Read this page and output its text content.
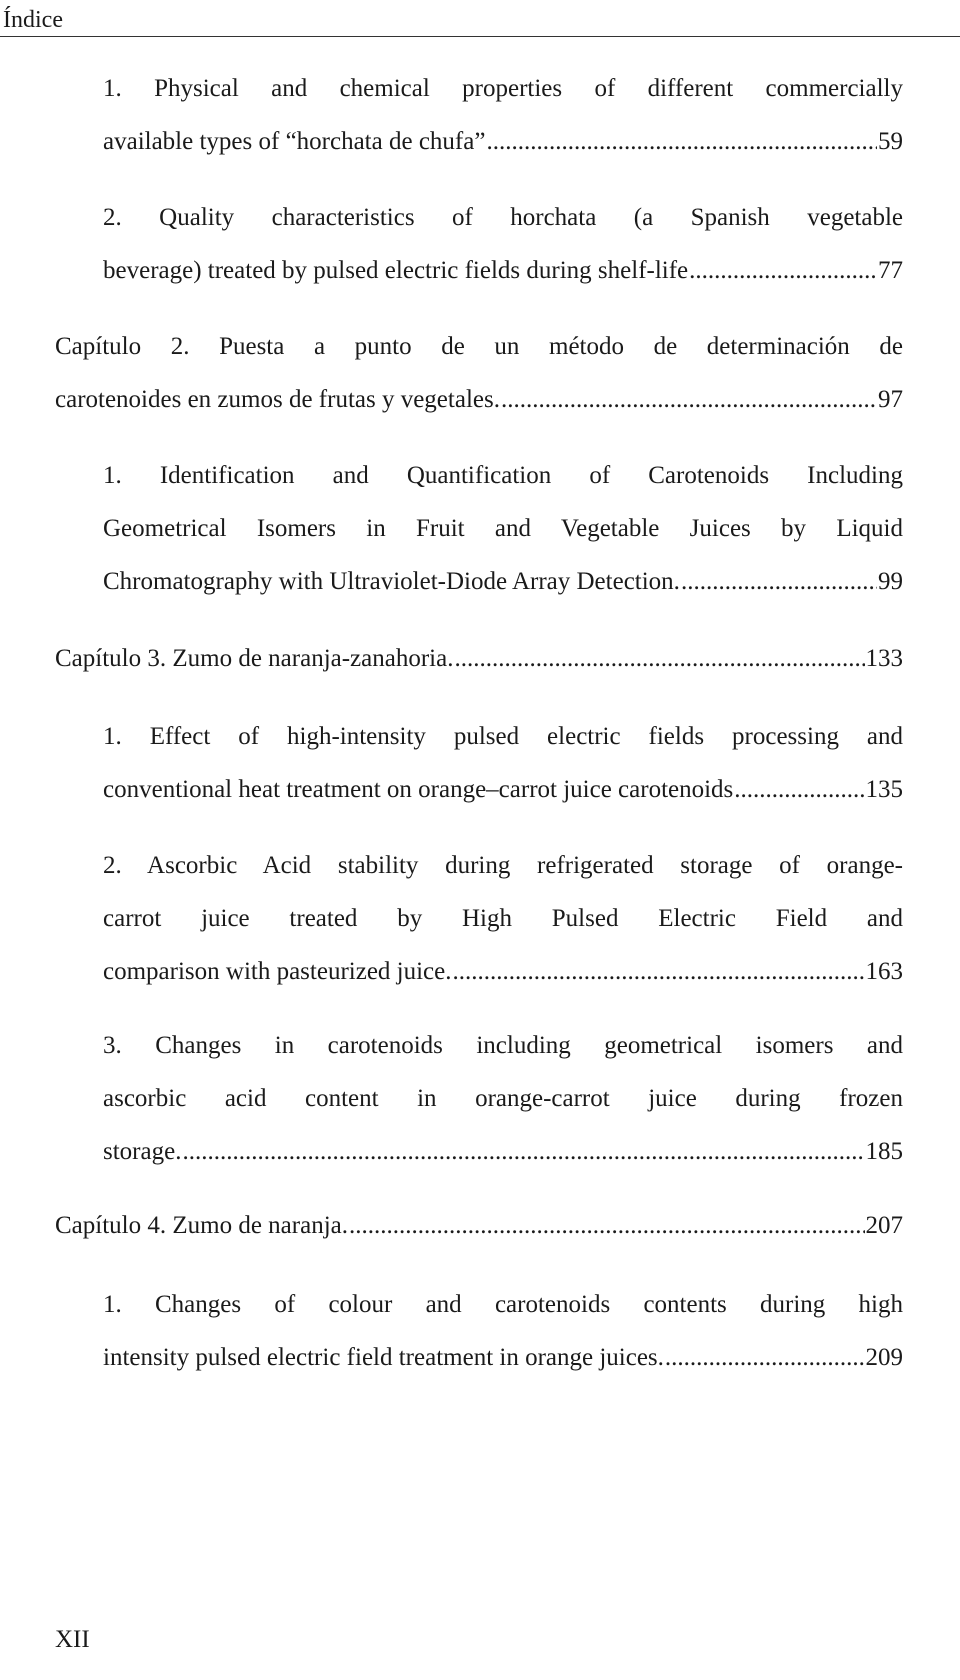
Índice
1. Physical and chemical properties of different commercially
available types of “horchata de chufa” .....	59
2. Quality characteristics of horchata (a Spanish vegetable
beverage) treated by pulsed electric fields during shelf-life .....	77
Capítulo 2. Puesta a punto de un método de determinación de
carotenoides en zumos de frutas y vegetales. .....	97
1. Identification and Quantification of Carotenoids Including
Geometrical Isomers in Fruit and Vegetable Juices by Liquid
Chromatography with Ultraviolet-Diode Array Detection. .....	99
Capítulo 3. Zumo de naranja-zanahoria. .....	133
1. Effect of high-intensity pulsed electric fields processing and
conventional heat treatment on orange–carrot juice carotenoids .....	135
2. Ascorbic Acid stability during refrigerated storage of orange-
carrot juice treated by High Pulsed Electric Field and
comparison with pasteurized juice. .....	163
3. Changes in carotenoids including geometrical isomers and
ascorbic acid content in orange-carrot juice during frozen
storage. .....	185
Capítulo 4. Zumo de naranja. .....	207
1. Changes of colour and carotenoids contents during high
intensity pulsed electric field treatment in orange juices. .....	209
XII
